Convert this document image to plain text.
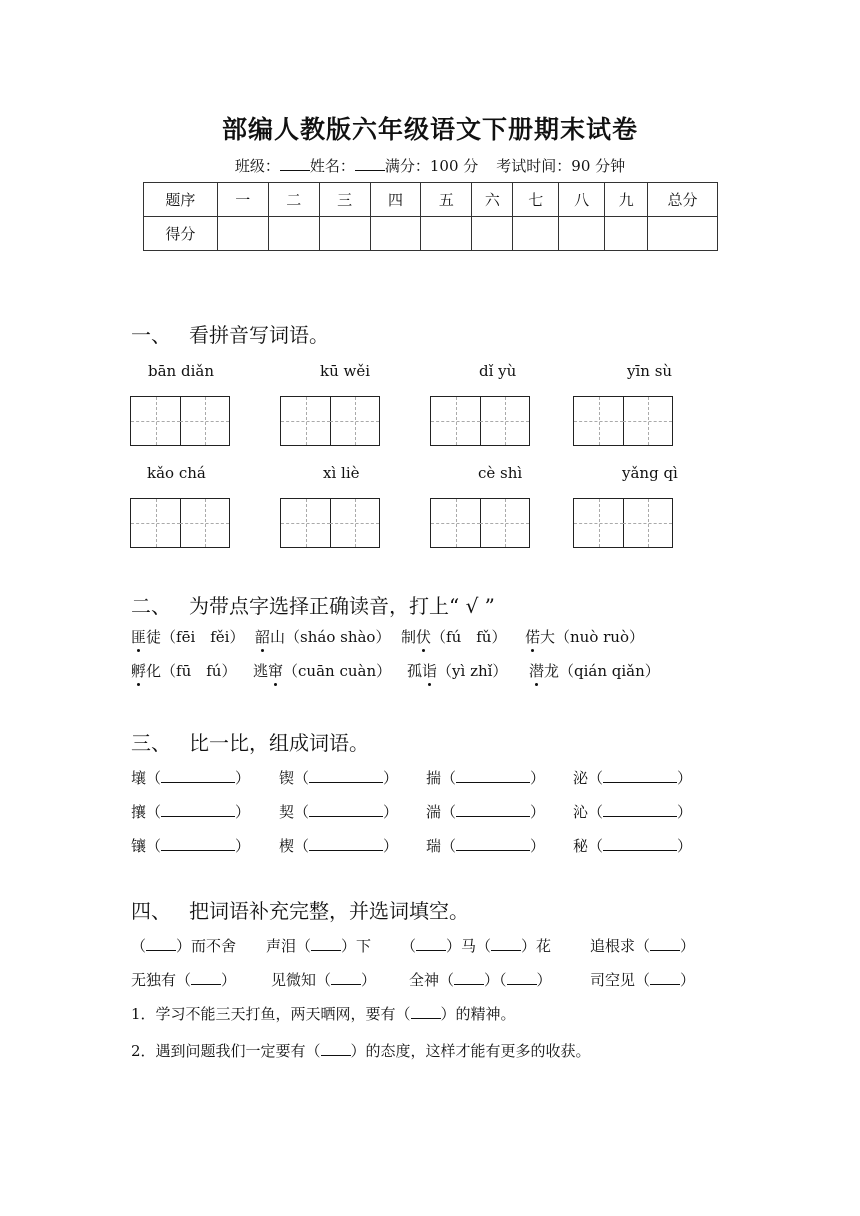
部编人教版六年级语文下册期末试卷
班级： 姓名： 满分：100 分 考试时间：90 分钟
题序	一	二	三	四	五	六	七	八	九	总分
得分										
一、 看拼音写词语。
bān diǎn	kū wěi	dǐ yù	yīn sù
kǎo chá	xì liè	cè shì	yǎng qì
二、 为带点字选择正确读音，打上“ √ ”
匪徒（fēi　fěi） 韶山（sháo shào） 制伏（fú　fǔ） 偌大（nuò ruò）
孵化（fū　fú） 逃窜（cuān cuàn） 孤诣（yì zhǐ） 潜龙（qián qiǎn）
三、 比一比，组成词语。
壤（	） 锲（	） 揣（	） 泌（	）
攘（	） 契（	） 湍（	） 沁（	）
镶（	） 楔（	） 瑞（	） 秘（	）
四、 把词语补充完整，并选词填空。
（ ）而不舍 声泪（ ）下 （ ）马（ ）花	追根求（ ）
无独有（ ） 见微知（ ） 全神（ ）（ ）	司空见（ ）
1．学习不能三天打鱼，两天晒网，要有（ ）的精神。
2．遇到问题我们一定要有（ ）的态度，这样才能有更多的收获。
